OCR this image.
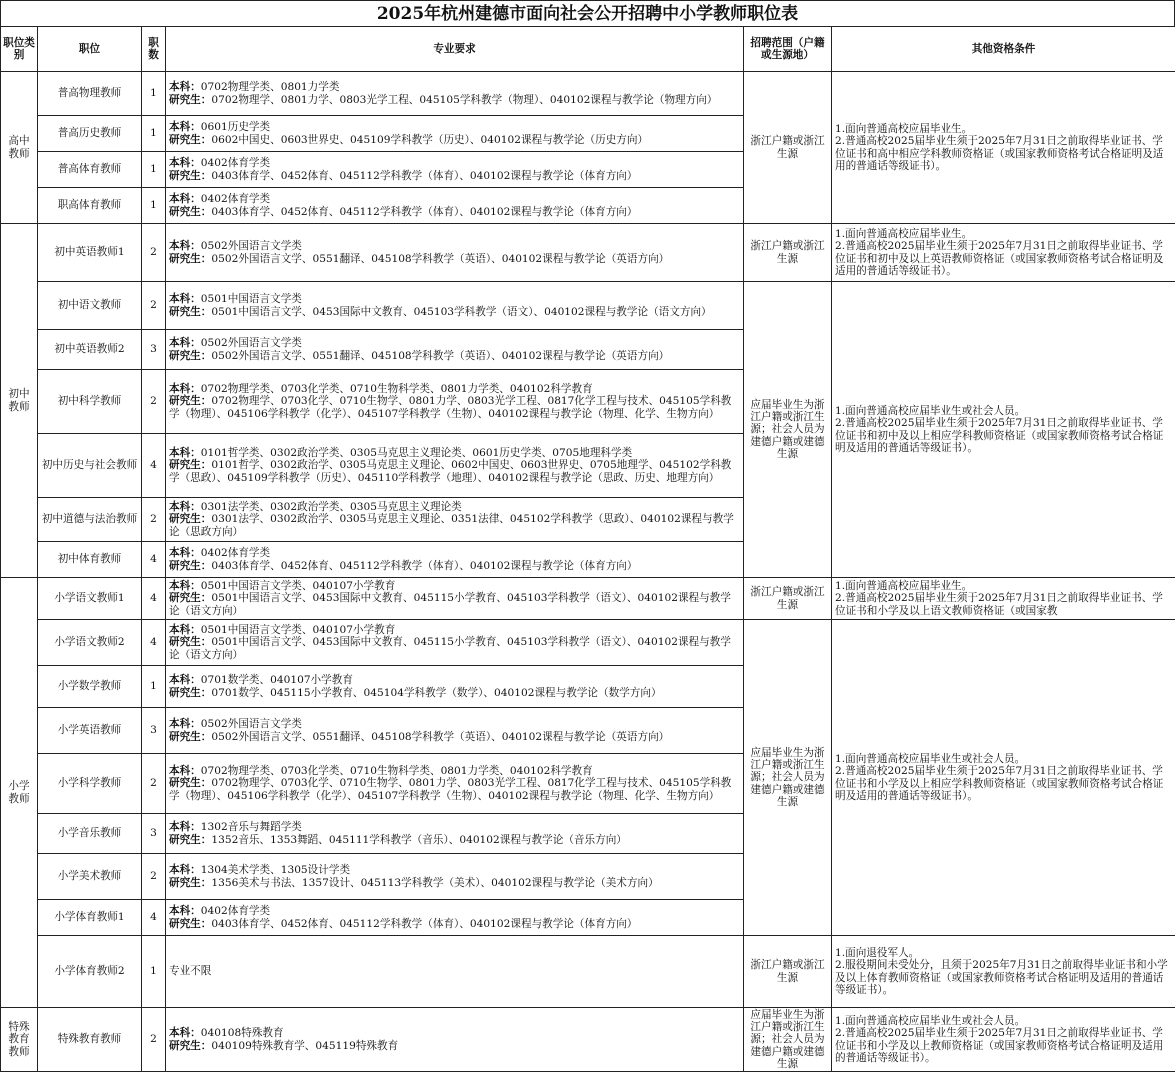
2025年杭州建德市面向社会公开招聘中小学教师职位表
职位类别	职位	职数	专业要求	招聘范围（户籍或生源地）	其他资格条件
高中教师	普高物理教师	1	本科：0702物理学类、0801力学类
研究生：0702物理学、0801力学、0803光学工程、045105学科教学（物理）、040102课程与教学论（物理方向）	浙江户籍或浙江生源	1.面向普通高校应届毕业生。
2.普通高校2025届毕业生须于2025年7月31日之前取得毕业证书、学位证书和高中相应学科教师资格证（或国家教师资格考试合格证明及适用的普通话等级证书）。

	普高历史教师	1	本科：0601历史学类
研究生：0602中国史、0603世界史、045109学科教学（历史）、040102课程与教学论（历史方向）		

	普高体育教师	1	本科：0402体育学类
研究生：0403体育学、0452体育、045112学科教学（体育）、040102课程与教学论（体育方向）		

	职高体育教师	1	本科：0402体育学类
研究生：0403体育学、0452体育、045112学科教学（体育）、040102课程与教学论（体育方向）		

初中教师	初中英语教师1	2	本科：0502外国语言文学类
研究生：0502外国语言文学、0551翻译、045108学科教学（英语）、040102课程与教学论（英语方向）	浙江户籍或浙江生源	1.面向普通高校应届毕业生。
2.普通高校2025届毕业生须于2025年7月31日之前取得毕业证书、学位证书和初中及以上英语教师资格证（或国家教师资格考试合格证明及适用的普通话等级证书）。

	初中语文教师	2	本科：0501中国语言文学类
研究生：0501中国语言文学、0453国际中文教育、045103学科教学（语文）、040102课程与教学论（语文方向）	应届毕业生为浙江户籍或浙江生源；社会人员为建德户籍或建德生源	1.面向普通高校应届毕业生或社会人员。
2.普通高校2025届毕业生须于2025年7月31日之前取得毕业证书、学位证书和初中及以上相应学科教师资格证（或国家教师资格考试合格证明及适用的普通话等级证书）。

	初中英语教师2	3	本科：0502外国语言文学类
研究生：0502外国语言文学、0551翻译、045108学科教学（英语）、040102课程与教学论（英语方向）		

	初中科学教师	2	本科：0702物理学类、0703化学类、0710生物科学类、0801力学类、040102科学教育
研究生：0702物理学、0703化学、0710生物学、0801力学、0803光学工程、0817化学工程与技术、045105学科教学（物理）、045106学科教学（化学）、045107学科教学（生物）、040102课程与教学论（物理、化学、生物方向）		

	初中历史与社会教师	4	本科：0101哲学类、0302政治学类、0305马克思主义理论类、0601历史学类、0705地理科学类
研究生：0101哲学、0302政治学、0305马克思主义理论、0602中国史、0603世界史、0705地理学、045102学科教学（思政）、045109学科教学（历史）、045110学科教学（地理）、040102课程与教学论（思政、历史、地理方向）		

	初中道德与法治教师	2	本科：0301法学类、0302政治学类、0305马克思主义理论类
研究生：0301法学、0302政治学、0305马克思主义理论、0351法律、045102学科教学（思政）、040102课程与教学论（思政方向）		

	初中体育教师	4	本科：0402体育学类
研究生：0403体育学、0452体育、045112学科教学（体育）、040102课程与教学论（体育方向）		

小学教师	小学语文教师1	4	本科：0501中国语言文学类、040107小学教育
研究生：0501中国语言文学、0453国际中文教育、045115小学教育、045103学科教学（语文）、040102课程与教学论（语文方向）	浙江户籍或浙江生源	1.面向普通高校应届毕业生。
2.普通高校2025届毕业生须于2025年7月31日之前取得毕业证书、学位证书和小学及以上语文教师资格证（或国家教

	小学语文教师2	4	本科：0501中国语言文学类、040107小学教育
研究生：0501中国语言文学、0453国际中文教育、045115小学教育、045103学科教学（语文）、040102课程与教学论（语文方向）	应届毕业生为浙江户籍或浙江生源；社会人员为建德户籍或建德生源	1.面向普通高校应届毕业生或社会人员。
2.普通高校2025届毕业生须于2025年7月31日之前取得毕业证书、学位证书和小学及以上相应学科教师资格证（或国家教师资格考试合格证明及适用的普通话等级证书）。

	小学数学教师	1	本科：0701数学类、040107小学教育
研究生：0701数学、045115小学教育、045104学科教学（数学）、040102课程与教学论（数学方向）		

	小学英语教师	3	本科：0502外国语言文学类
研究生：0502外国语言文学、0551翻译、045108学科教学（英语）、040102课程与教学论（英语方向）		

	小学科学教师	2	本科：0702物理学类、0703化学类、0710生物科学类、0801力学类、040102科学教育
研究生：0702物理学、0703化学、0710生物学、0801力学、0803光学工程、0817化学工程与技术、045105学科教学（物理）、045106学科教学（化学）、045107学科教学（生物）、040102课程与教学论（物理、化学、生物方向）		

	小学音乐教师	3	本科：1302音乐与舞蹈学类
研究生：1352音乐、1353舞蹈、045111学科教学（音乐）、040102课程与教学论（音乐方向）		

	小学美术教师	2	本科：1304美术学类、1305设计学类
研究生：1356美术与书法、1357设计、045113学科教学（美术）、040102课程与教学论（美术方向）		

	小学体育教师1	4	本科：0402体育学类
研究生：0403体育学、0452体育、045112学科教学（体育）、040102课程与教学论（体育方向）		

	小学体育教师2	1	专业不限	浙江户籍或浙江生源	1.面向退役军人。
2.服役期间未受处分，且须于2025年7月31日之前取得毕业证书和小学及以上体育教师资格证（或国家教师资格考试合格证明及适用的普通话等级证书）。

特殊教育教师	特殊教育教师	2	本科：040108特殊教育
研究生：040109特殊教育学、045119特殊教育	应届毕业生为浙江户籍或浙江生源；社会人员为建德户籍或建德生源	1.面向普通高校应届毕业生或社会人员。
2.普通高校2025届毕业生须于2025年7月31日之前取得毕业证书、学位证书和小学及以上教师资格证（或国家教师资格考试合格证明及适用的普通话等级证书）。
